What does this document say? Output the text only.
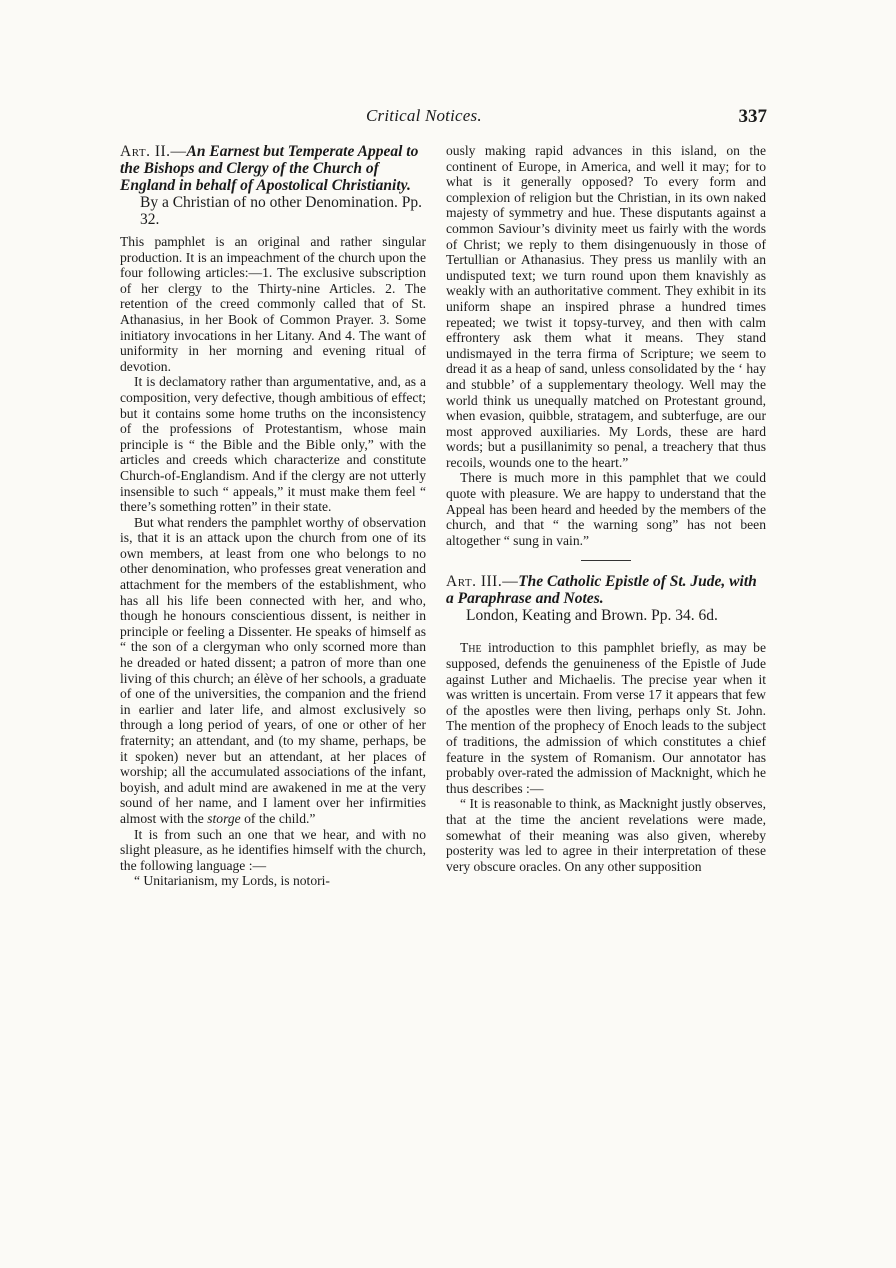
Critical Notices.	337
Art. II.—An Earnest but Temperate Appeal to the Bishops and Clergy of the Church of England in behalf of Apostolical Christianity.
By a Christian of no other Denomination. Pp. 32.

This pamphlet is an original and rather singular production. It is an impeachment of the church upon the four following articles:—1. The exclusive subscription of her clergy to the Thirty-nine Articles. 2. The retention of the creed commonly called that of St. Athanasius, in her Book of Common Prayer. 3. Some initiatory invocations in her Litany. And 4. The want of uniformity in her morning and evening ritual of devotion.

It is declamatory rather than argumentative, and, as a composition, very defective, though ambitious of effect; but it contains some home truths on the inconsistency of the professions of Protestantism, whose main principle is “ the Bible and the Bible only,” with the articles and creeds which characterize and constitute Church-of-Englandism. And if the clergy are not utterly insensible to such “ appeals,” it must make them feel “ there’s something rotten” in their state.

But what renders the pamphlet worthy of observation is, that it is an attack upon the church from one of its own members, at least from one who belongs to no other denomination, who professes great veneration and attachment for the members of the establishment, who has all his life been connected with her, and who, though he honours conscientious dissent, is neither in principle or feeling a Dissenter. He speaks of himself as “ the son of a clergyman who only scorned more than he dreaded or hated dissent; a patron of more than one living of this church; an élève of her schools, a graduate of one of the universities, the companion and the friend in earlier and later life, and almost exclusively so through a long period of years, of one or other of her fraternity; an attendant, and (to my shame, perhaps, be it spoken) never but an attendant, at her places of worship; all the accumulated associations of the infant, boyish, and adult mind are awakened in me at the very sound of her name, and I lament over her infirmities almost with the storge of the child.”

It is from such an one that we hear, and with no slight pleasure, as he identifies himself with the church, the following language :—

“ Unitarianism, my Lords, is notori-

ously making rapid advances in this island, on the continent of Europe, in America, and well it may; for to what is it generally opposed? To every form and complexion of religion but the Christian, in its own naked majesty of symmetry and hue. These disputants against a common Saviour’s divinity meet us fairly with the words of Christ; we reply to them disingenuously in those of Tertullian or Athanasius. They press us manlily with an undisputed text; we turn round upon them knavishly as weakly with an authoritative comment. They exhibit in its uniform shape an inspired phrase a hundred times repeated; we twist it topsy-turvey, and then with calm effrontery ask them what it means. They stand undismayed in the terra firma of Scripture; we seem to dread it as a heap of sand, unless consolidated by the ‘ hay and stubble’ of a supplementary theology. Well may the world think us unequally matched on Protestant ground, when evasion, quibble, stratagem, and subterfuge, are our most approved auxiliaries. My Lords, these are hard words; but a pusillanimity so penal, a treachery that thus recoils, wounds one to the heart.”

There is much more in this pamphlet that we could quote with pleasure. We are happy to understand that the Appeal has been heard and heeded by the members of the church, and that “ the warning song” has not been altogether “ sung in vain.”

Art. III.—The Catholic Epistle of St. Jude, with a Paraphrase and Notes.
London, Keating and Brown. Pp. 34. 6d.

The introduction to this pamphlet briefly, as may be supposed, defends the genuineness of the Epistle of Jude against Luther and Michaelis. The precise year when it was written is uncertain. From verse 17 it appears that few of the apostles were then living, perhaps only St. John. The mention of the prophecy of Enoch leads to the subject of traditions, the admission of which constitutes a chief feature in the system of Romanism. Our annotator has probably over-rated the admission of Macknight, which he thus describes :—

“ It is reasonable to think, as Macknight justly observes, that at the time the ancient revelations were made, somewhat of their meaning was also given, whereby posterity was led to agree in their interpretation of these very obscure oracles. On any other supposition
